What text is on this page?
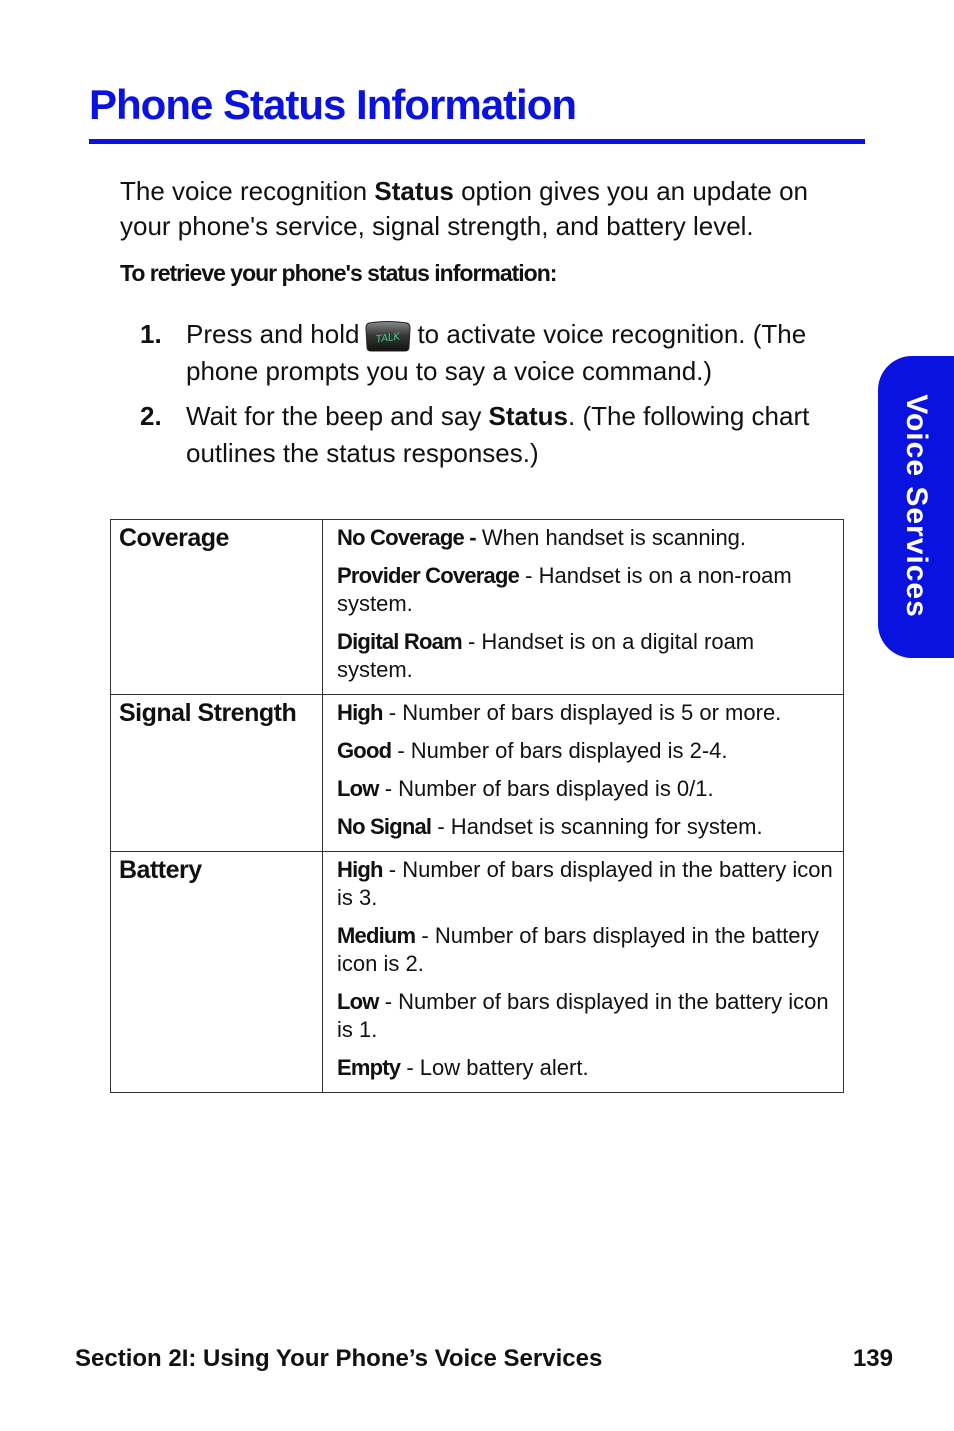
Phone Status Information

The voice recognition Status option gives you an update on your phone's service, signal strength, and battery level.

To retrieve your phone's status information:

1. Press and hold TALK to activate voice recognition. (The phone prompts you to say a voice command.)
2. Wait for the beep and say Status. (The following chart outlines the status responses.)	Voice Services
Coverage	No Coverage - When handset is scanning.

Provider Coverage - Handset is on a non-roam system.

Digital Roam - Handset is on a digital roam system.

Signal Strength	High - Number of bars displayed is 5 or more.

Good - Number of bars displayed is 2-4.

Low - Number of bars displayed is 0/1.

No Signal - Handset is scanning for system.

Battery	High - Number of bars displayed in the battery icon is 3.

Medium - Number of bars displayed in the battery icon is 2.

Low - Number of bars displayed in the battery icon is 1.

Empty - Low battery alert.

Section 2I: Using Your Phone’s Voice Services	139
